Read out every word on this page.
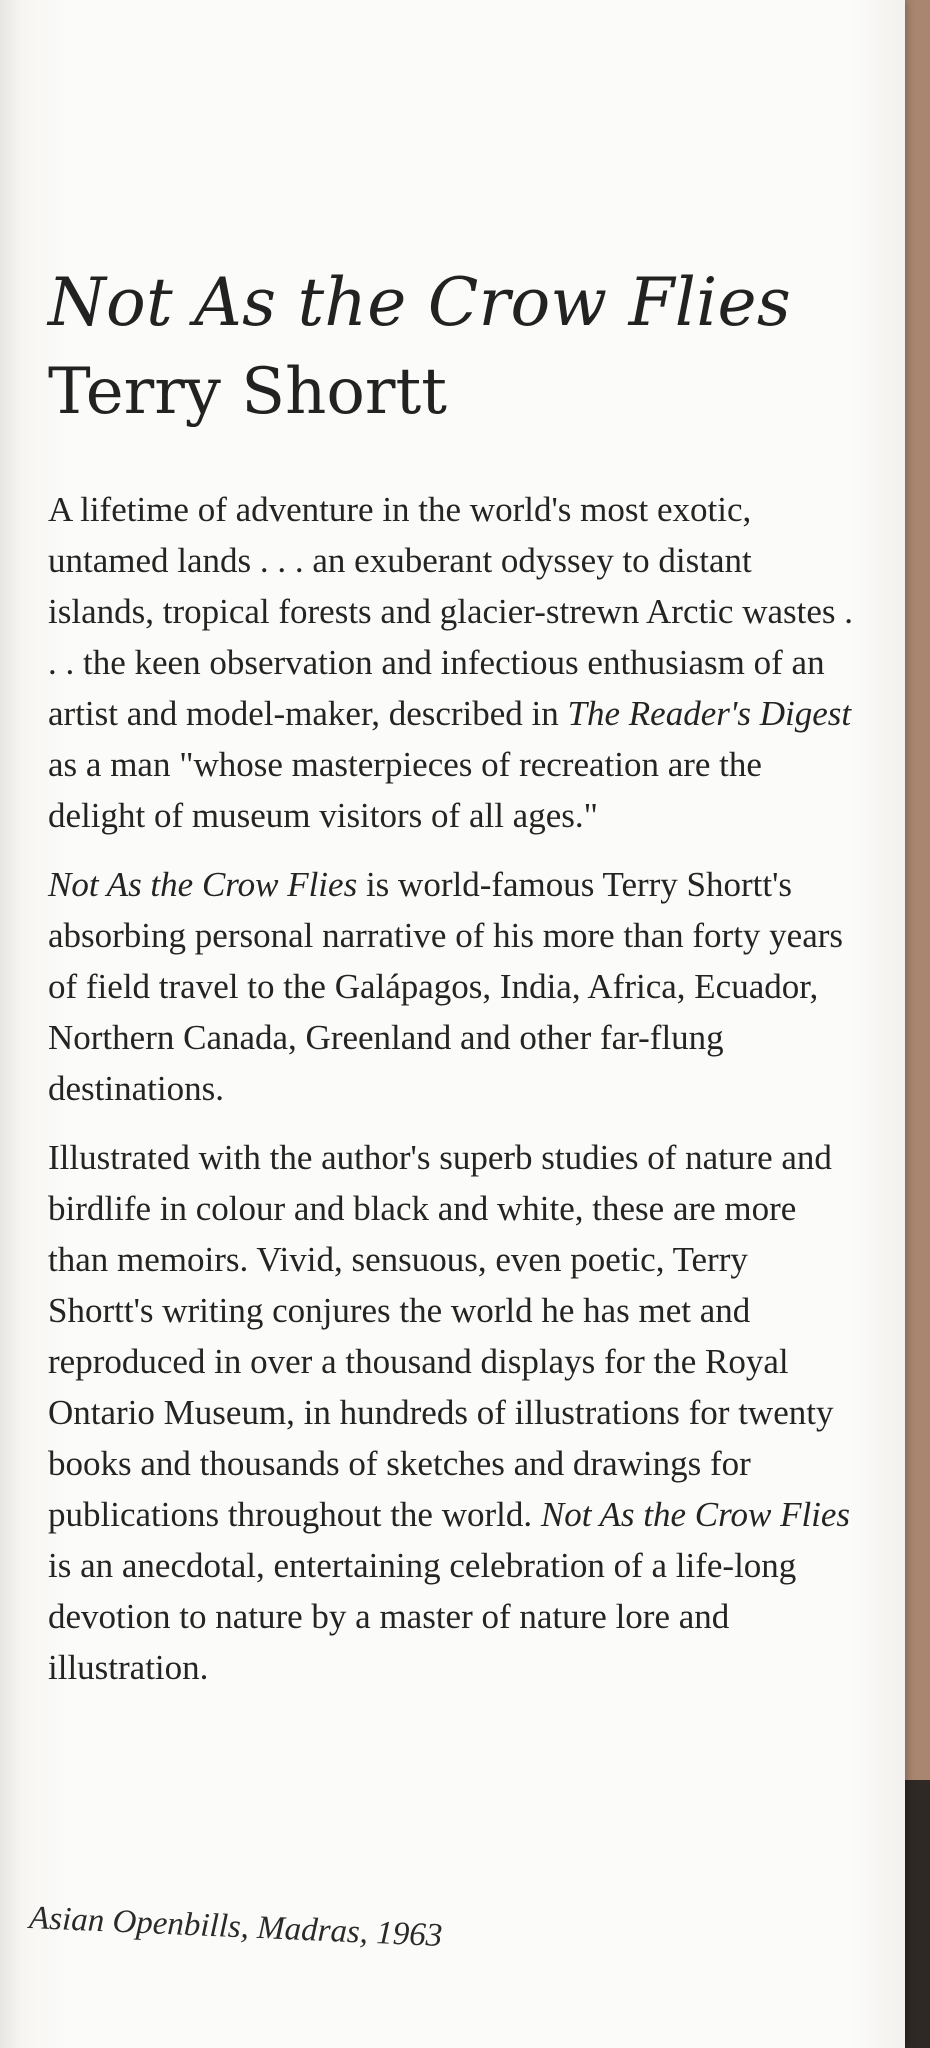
Not As the Crow Flies
Terry Shortt

A lifetime of adventure in the world's most exotic, untamed lands . . . an exuberant odyssey to distant islands, tropical forests and glacier-strewn Arctic wastes . . . the keen observation and infectious enthusiasm of an artist and model-maker, described in The Reader's Digest as a man "whose masterpieces of recreation are the delight of museum visitors of all ages."

Not As the Crow Flies is world-famous Terry Shortt's absorbing personal narrative of his more than forty years of field travel to the Galápagos, India, Africa, Ecuador, Northern Canada, Greenland and other far-flung destinations.

Illustrated with the author's superb studies of nature and birdlife in colour and black and white, these are more than memoirs. Vivid, sensuous, even poetic, Terry Shortt's writing conjures the world he has met and reproduced in over a thousand displays for the Royal Ontario Museum, in hundreds of illustrations for twenty books and thousands of sketches and drawings for publications throughout the world. Not As the Crow Flies is an anecdotal, entertaining celebration of a life-long devotion to nature by a master of nature lore and illustration.

Asian Openbills, Madras, 1963
